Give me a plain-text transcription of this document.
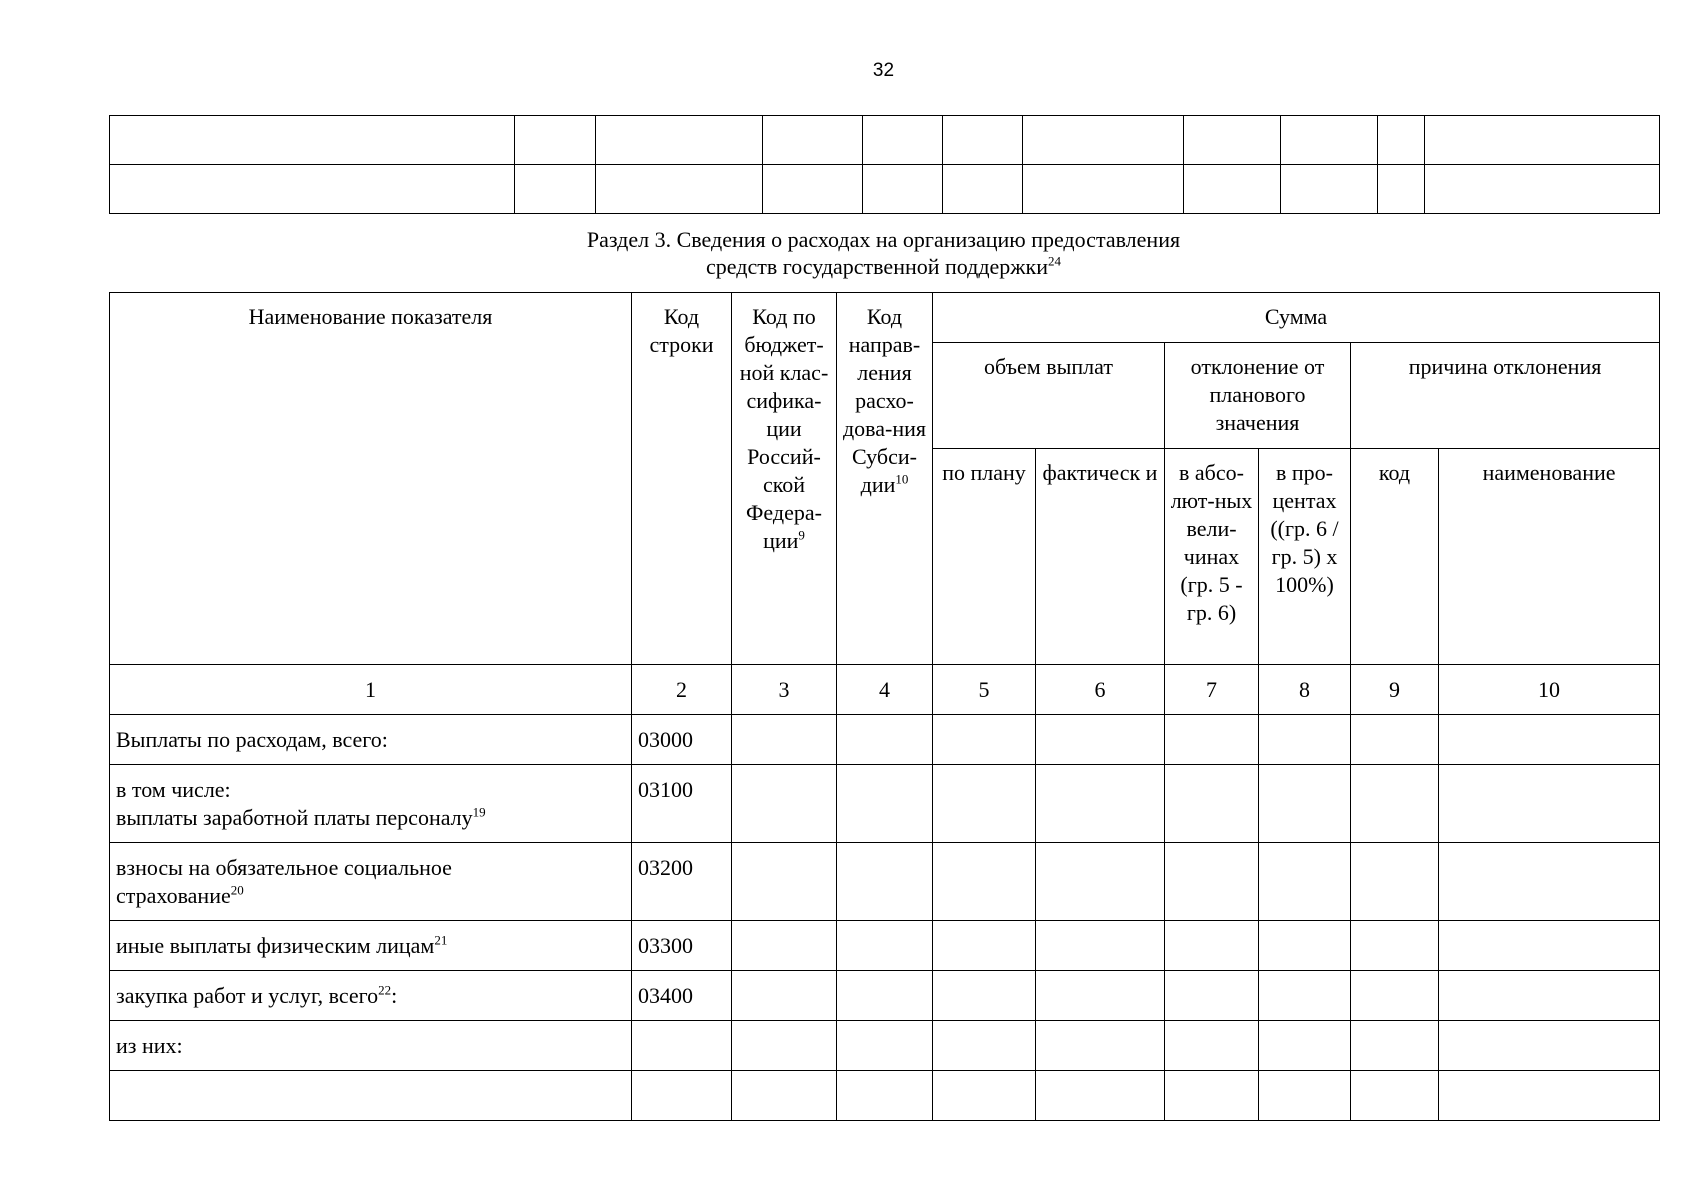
32

Раздел 3. Сведения о расходах на организацию предоставления
средств государственной поддержки$^{24}$
Наименование показателя	Код строки	Код по бюджет-ной клас-сифика-ции Россий-ской Федера-ции$^9$	Код направ-ления расхо-дова-ния Субси-дии$^{10}$	Сумма					
				объем выплат		отклонение от планового значения		причина отклонения	
				по плану	фактическ и	в абсо-лют-ных вели-чинах (гр. 5 - гр. 6)	в про-центах ((гр. 6 / гр. 5) х 100%)	код	наименование
1	2	3	4	5	6	7	8	9	10
Выплаты по расходам, всего:	03000								

в том числе:
выплаты заработной платы персоналу$^{19}$	03100								

взносы на обязательное социальное
страхование$^{20}$	03200								
иные выплаты физическим лицам$^{21}$	03300								
закупка работ и услуг, всего$^{22}$:	03400								
из них:									
